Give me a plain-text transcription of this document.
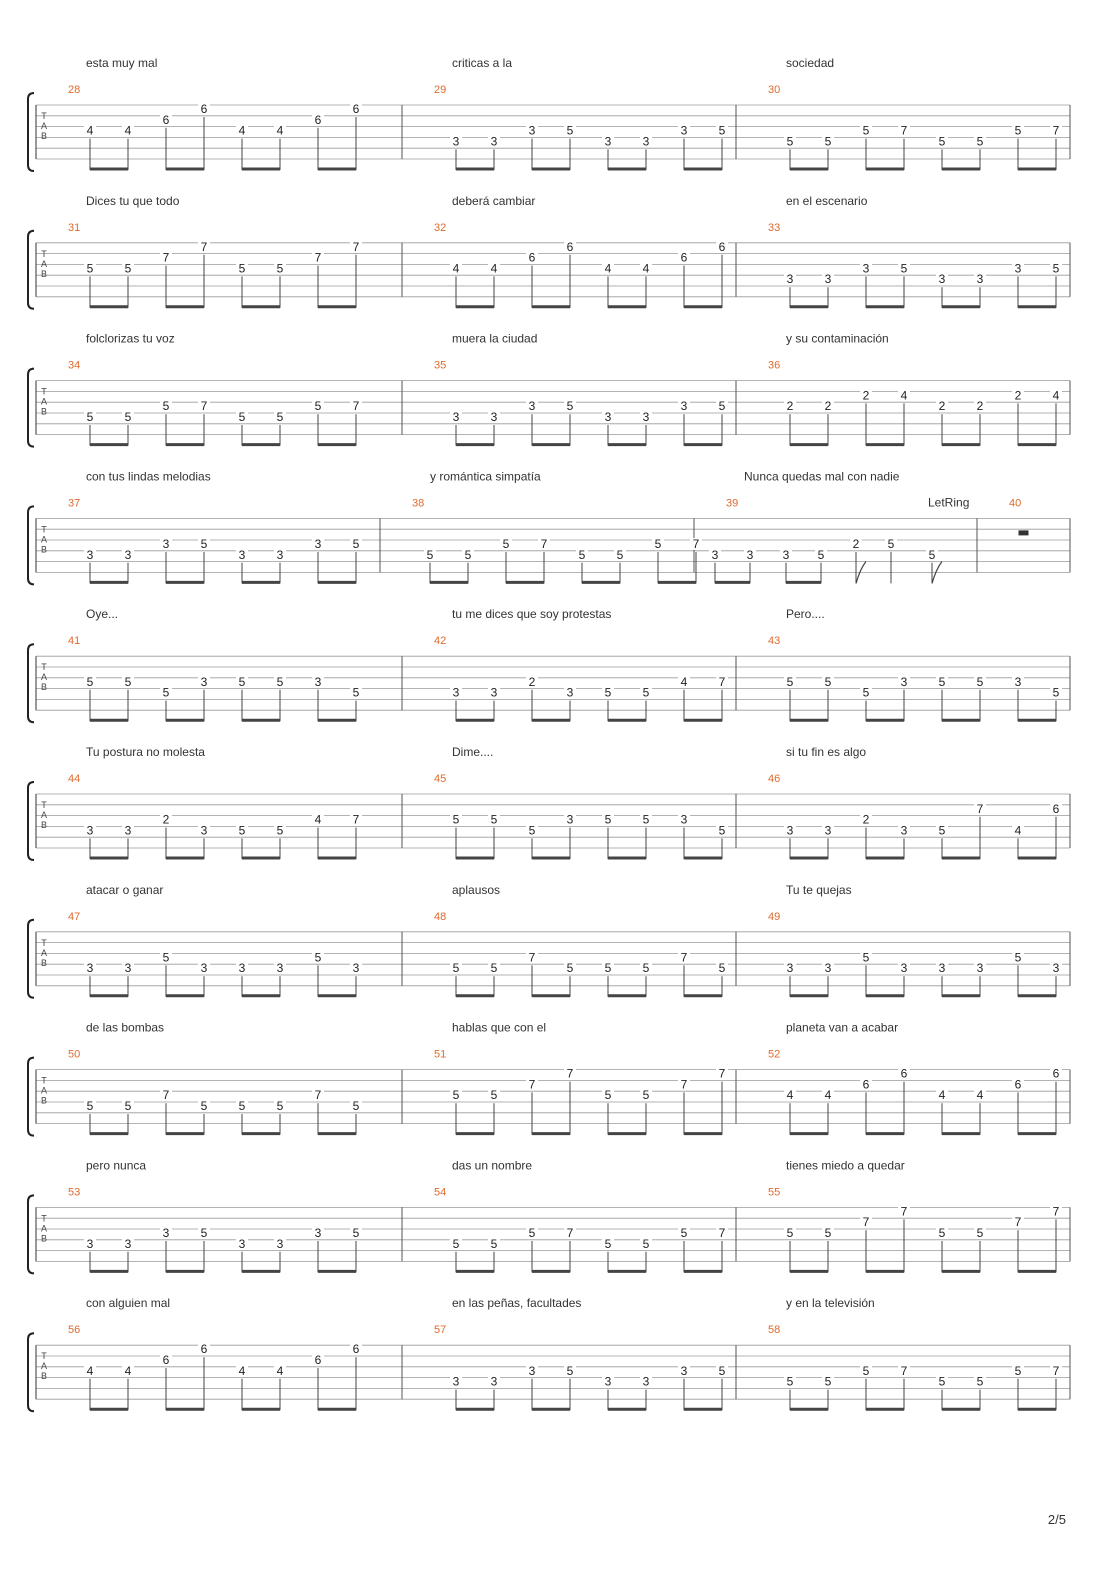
2/5
T
A
B
esta muy mal	criticas a la	sociedad
28
4	4
6
6
4	4
6
6
29
3	3
3	5
3	3
3	5
30
5	5
5	7
5	5
5	7
T
A
B
Dices tu que todo	deberá cambiar	en el escenario
31
5	5
7
7
5	5
7
7
32
4	4
6
6
4	4
6
6
33
3	3
3	5
3	3
3	5
T
A
B
folclorizas tu voz	muera la ciudad	y su contaminación
34
5	5
5	7
5	5
5	7
35
3	3
3	5
3	3
3	5
36
2	2
2	4
2	2
2	4
T
A
B
con tus lindas melodias	y romántica simpatía	Nunca quedas mal con nadie
LetRing
37
3	3
3	5
3	3
3	5
38
5	5
5	7
5	5
5	7
39
3 3 3 5
2 5
5
40
T
A
B
Oye...	tu me dices que soy protestas	Pero....
41
5	5
5
3	5	5	3
5
42
3	3
2
3	5	5
4	7
43
5	5
5
3	5	5	3
5
T
A
B
Tu postura no molesta	Dime....	si tu fin es algo
44
3	3
2
3	5	5
4	7
45
5	5
5
3	5	5	3
5
46
3	3
2
3	5
7
4
6
T
A
B
atacar o ganar	aplausos	Tu te quejas
47
3	3
5
3	3	3
5
3
48
5	5
7
5	5	5
7
5
49
3	3
5
3	3	3
5
3
T
A
B
de las bombas	hablas que con el	planeta van a acabar
50
5	5
7
5	5	5
7
5
51
5	5
7
7
5	5
7
7
52
4	4
6
6
4	4
6
6
T
A
B
pero nunca	das un nombre	tienes miedo a quedar
53
3	3
3	5
3	3
3	5
54
5	5
5	7
5	5
5	7
55
5	5
7
7
5	5
7
7
T
A
B
con alguien mal	en las peñas, facultades	y en la televisión
56
4	4
6
6
4	4
6
6
57
3	3
3	5
3	3
3	5
58
5	5
5	7
5	5
5	7
